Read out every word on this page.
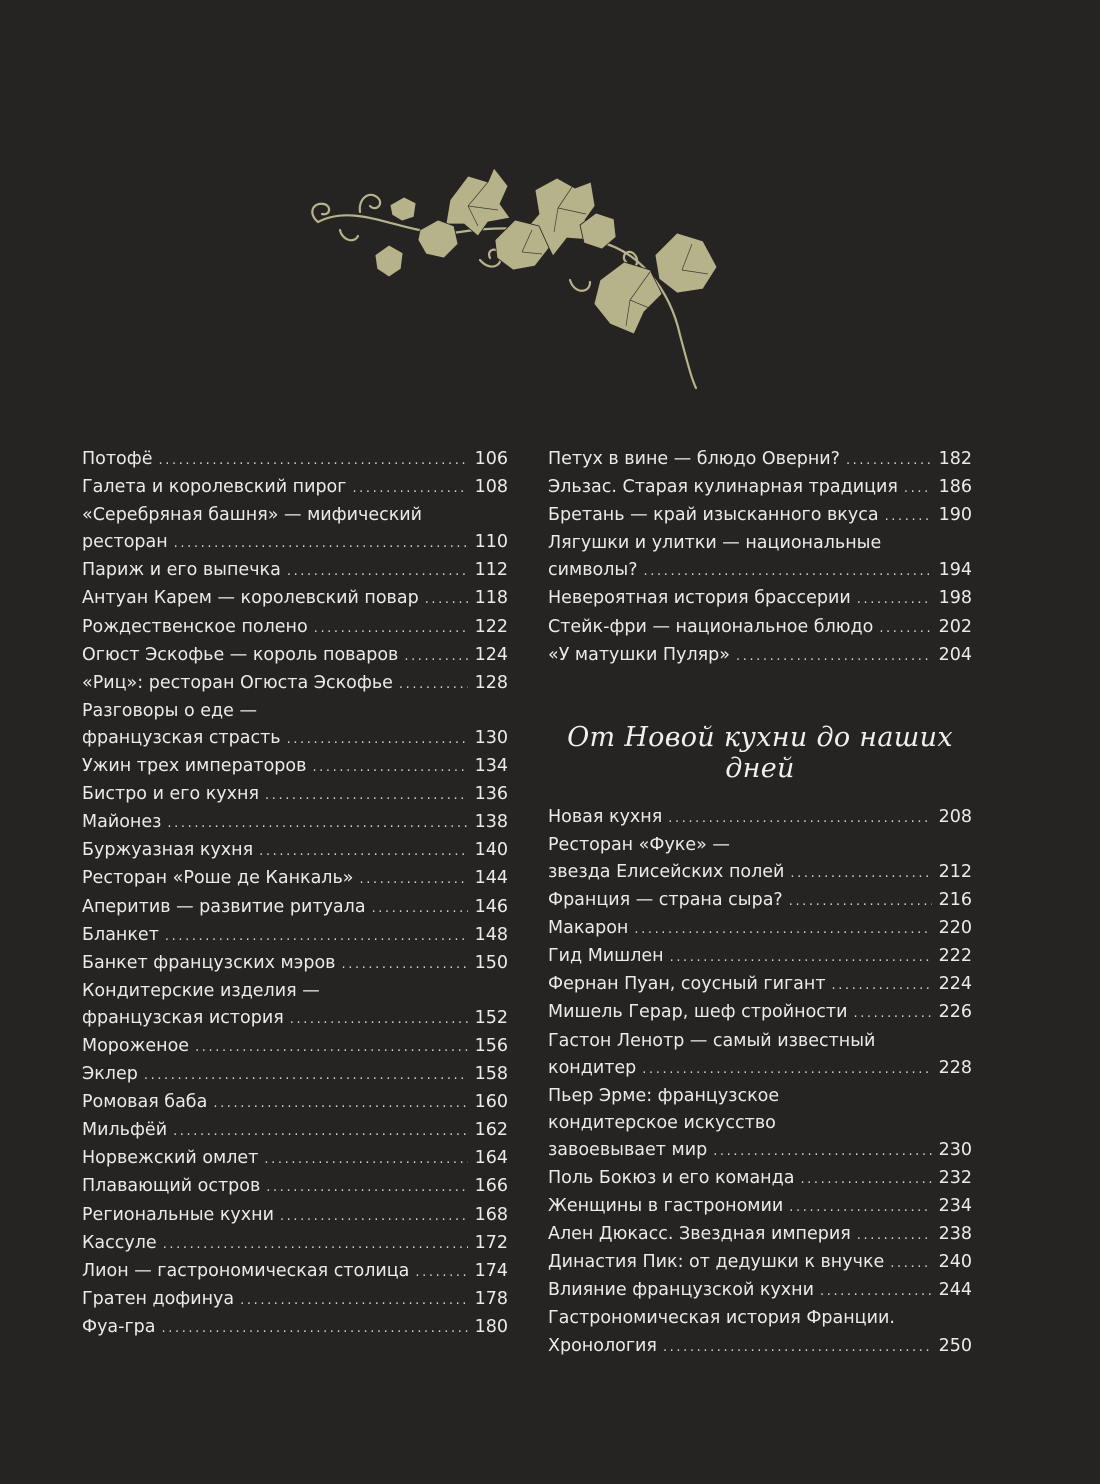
Потофё .....	106
Галета и королевский пирог .....	108
«Серебряная башня» — мифический
ресторан .....	110
Париж и его выпечка .....	112
Антуан Карем — королевский повар .....	118
Рождественское полено .....	122
Огюст Эскофье — король поваров .....	124
«Риц»: ресторан Огюста Эскофье .....	128
Разговоры о еде —
французская страсть .....	130
Ужин трех императоров .....	134
Бистро и его кухня .....	136
Майонез .....	138
Буржуазная кухня .....	140
Ресторан «Роше де Канкаль» .....	144
Аперитив — развитие ритуала .....	146
Бланкет .....	148
Банкет французских мэров .....	150
Кондитерские изделия —
французская история .....	152
Мороженое .....	156
Эклер .....	158
Ромовая баба .....	160
Мильфёй .....	162
Норвежский омлет .....	164
Плавающий остров .....	166
Региональные кухни .....	168
Кассуле .....	172
Лион — гастрономическая столица .....	174
Гратен дофинуа .....	178
Фуа-гра .....	180
Петух в вине — блюдо Оверни? .....	182
Эльзас. Старая кулинарная традиция ..... 186
Бретань — край изысканного вкуса .....	190
Лягушки и улитки — национальные
символы? .....	194
Невероятная история брассерии .....	198
Стейк-фри — национальное блюдо .....	202
«У матушки Пуляр» .....	204
От Новой кухни до наших дней
Новая кухня .....	208
Ресторан «Фуке» —
звезда Елисейских полей .....	212
Франция — страна сыра? .....	216
Макарон .....	220
Гид Мишлен .....	222
Фернан Пуан, соусный гигант .....	224
Мишель Герар, шеф стройности .....	226
Гастон Ленотр — самый известный
кондитер .....	228
Пьер Эрме: французское
кондитерское искусство
завоевывает мир .....	230
Поль Бокюз и его команда .....	232
Женщины в гастрономии .....	234
Ален Дюкасс. Звездная империя .....	238
Династия Пик: от дедушки к внучке .....	240
Влияние французской кухни .....	244
Гастрономическая история Франции.
Хронология .....	250
